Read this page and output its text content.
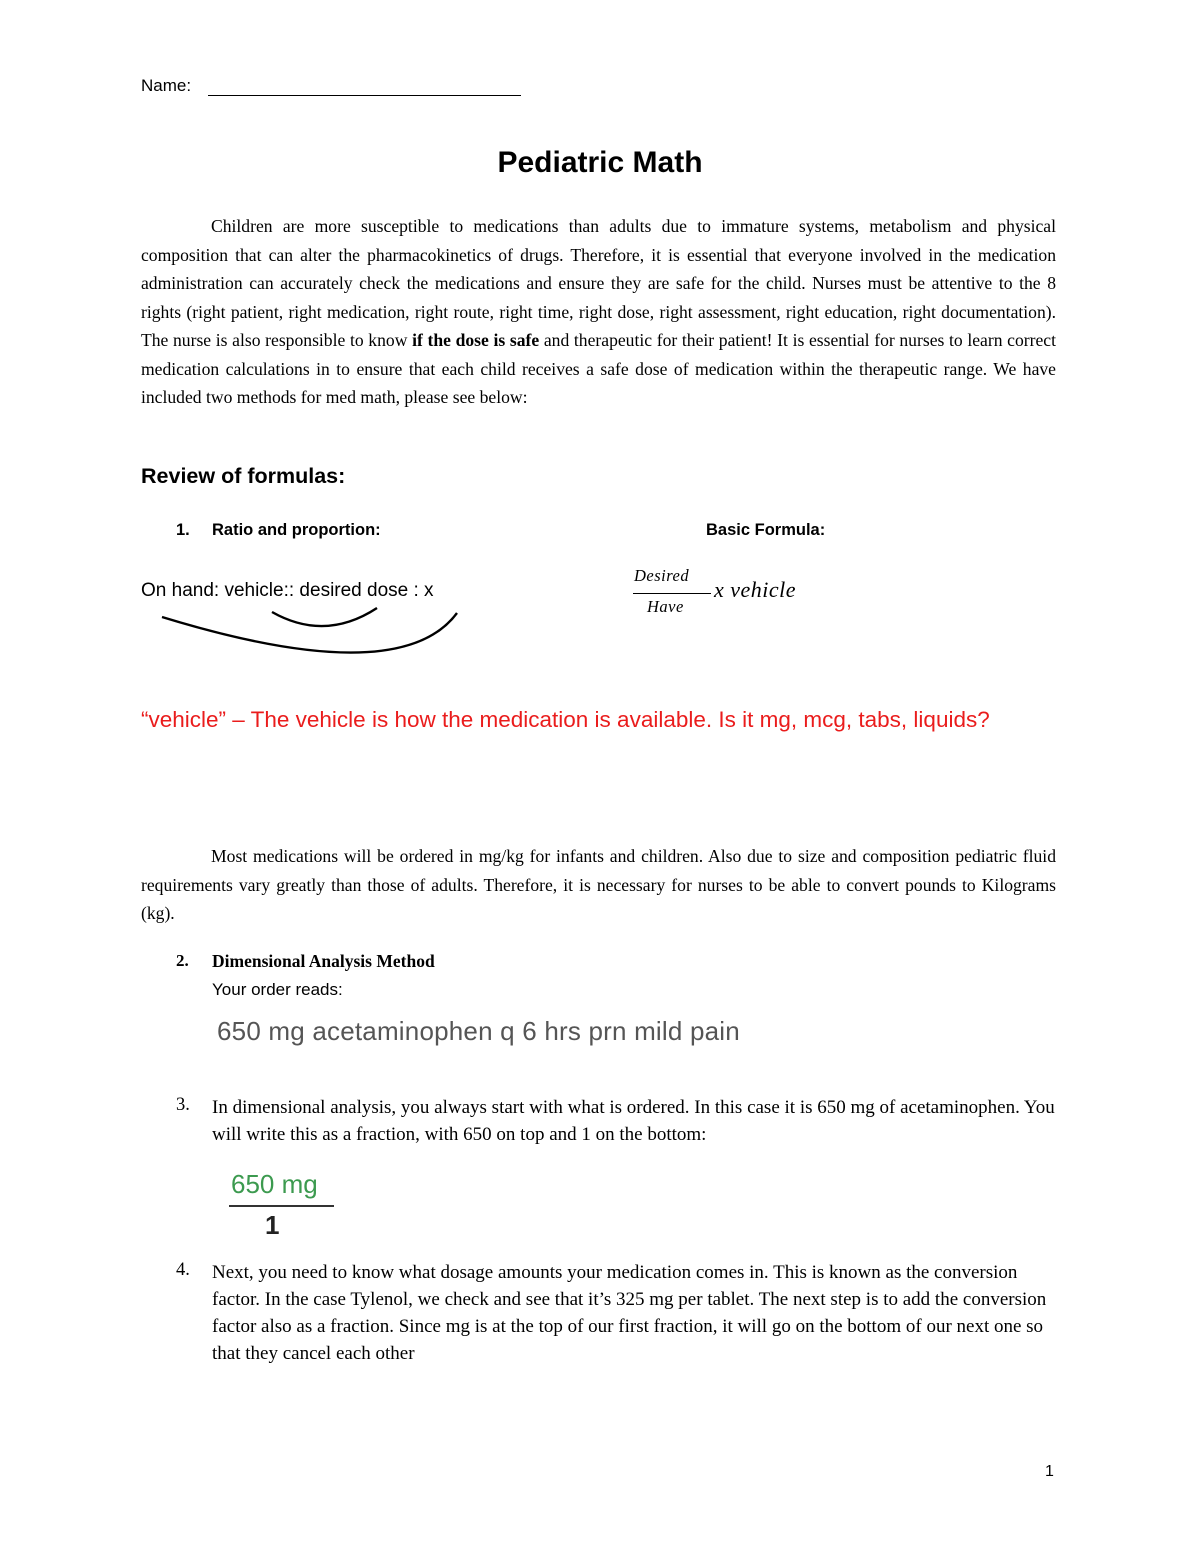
Name:
Pediatric Math

Children are more susceptible to medications than adults due to immature systems, metabolism and physical composition that can alter the pharmacokinetics of drugs. Therefore, it is essential that everyone involved in the medication administration can accurately check the medications and ensure they are safe for the child. Nurses must be attentive to the 8 rights (right patient, right medication, right route, right time, right dose, right assessment, right education, right documentation). The nurse is also responsible to know if the dose is safe and therapeutic for their patient! It is essential for nurses to learn correct medication calculations in to ensure that each child receives a safe dose of medication within the therapeutic range. We have included two methods for med math, please see below:

Review of formulas:
1. Ratio and proportion:	Basic Formula:
On hand: vehicle:: desired dose : x
Desired
Have
x vehicle
“vehicle” – The vehicle is how the medication is available. Is it mg, mcg, tabs, liquids?

Most medications will be ordered in mg/kg for infants and children. Also due to size and composition pediatric fluid requirements vary greatly than those of adults. Therefore, it is necessary for nurses to be able to convert pounds to Kilograms (kg).

2. Dimensional Analysis Method
Your order reads:
650 mg acetaminophen q 6 hrs prn mild pain
3. In dimensional analysis, you always start with what is ordered. In this case it is 650 mg of acetaminophen. You will write this as a fraction, with 650 on top and 1 on the bottom:
650 mg
1
4. Next, you need to know what dosage amounts your medication comes in. This is known as the conversion factor. In the case Tylenol, we check and see that it’s 325 mg per tablet. The next step is to add the conversion factor also as a fraction. Since mg is at the top of our first fraction, it will go on the bottom of our next one so that they cancel each other
1
